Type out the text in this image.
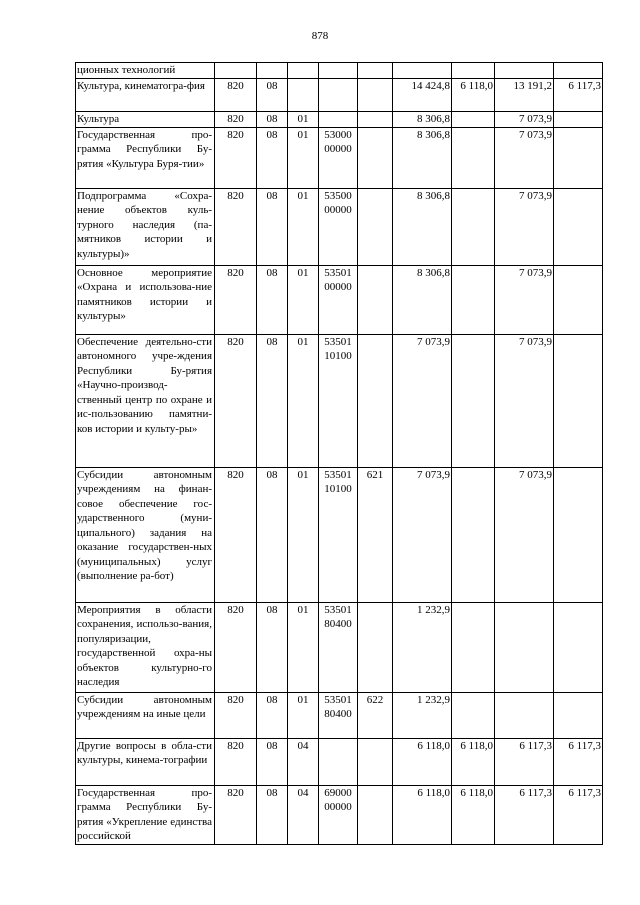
878
ционных технологий									
Культура, кинематогра-фия	820	08				14 424,8	6 118,0	13 191,2	6 117,3
Культура	820	08	01			8 306,8		7 073,9	
Государственная про-грамма Республики Бу-рятия «Культура Буря-тии»	820	08	01	53000 00000		8 306,8		7 073,9	
Подпрограмма «Сохра-нение объектов куль-турного наследия (па-мятников истории и культуры)»	820	08	01	53500 00000		8 306,8		7 073,9	
Основное мероприятие «Охрана и использова-ние памятников истории и культуры»	820	08	01	53501 00000		8 306,8		7 073,9	
Обеспечение деятельно-сти автономного учре-ждения Республики Бу-рятия «Научно-производ-ственный центр по охране и ис-пользованию памятни-ков истории и культу-ры»	820	08	01	53501 10100		7 073,9		7 073,9	
Субсидии автономным учреждениям на финан-совое обеспечение гос-ударственного (муни-ципального) задания на оказание государствен-ных (муниципальных) услуг (выполнение ра-бот)	820	08	01	53501 10100	621	7 073,9		7 073,9	
Мероприятия в области сохранения, использо-вания, популяризации, государственной охра-ны объектов культурно-го наследия	820	08	01	53501 80400		1 232,9			
Субсидии автономным учреждениям на иные цели	820	08	01	53501 80400	622	1 232,9			
Другие вопросы в обла-сти культуры, кинема-тографии	820	08	04			6 118,0	6 118,0	6 117,3	6 117,3
Государственная про-грамма Республики Бу-рятия «Укрепление единства российской	820	08	04	69000 00000		6 118,0	6 118,0	6 117,3	6 117,3
